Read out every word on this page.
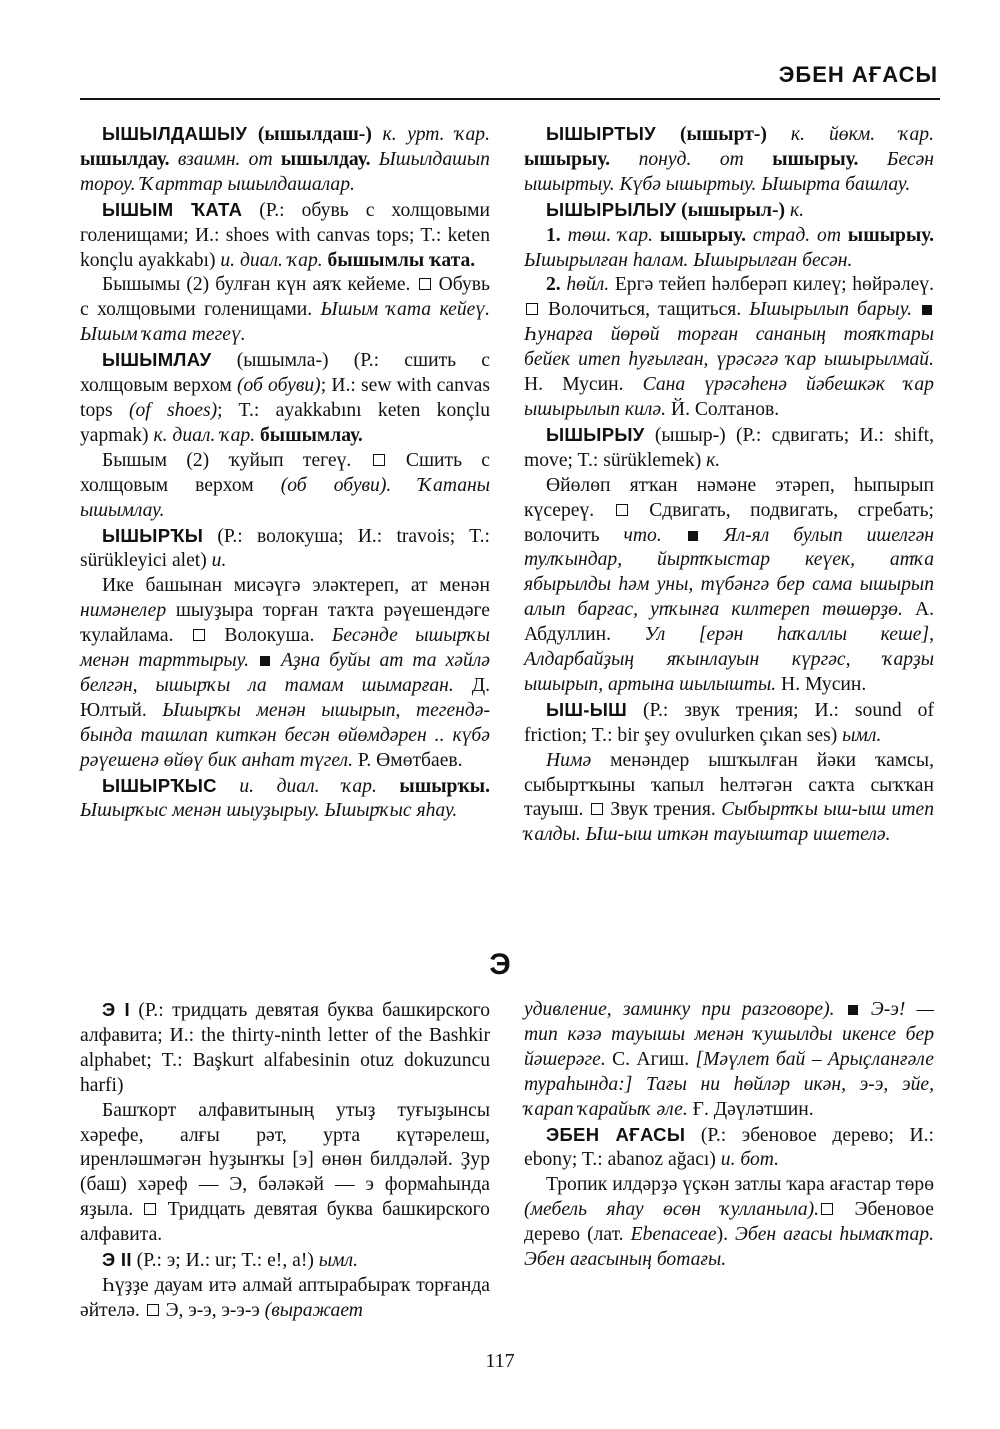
ЭБЕН АҒАСЫ

ЫШЫЛДАШЫУ (ышылдаш-) к. урт. ҡар. ышылдау. взаимн. от ышылдау. Ышылдашып тороу. Ҡарттар ышылдашалар.

ЫШЫМ ҠАТА (Р.: обувь с холщовыми голенищами; И.: shoes with canvas tops; T.: keten konçlu ayakkabı) и. диал. ҡар. бышымлы ҡата.

Бышымы (2) булған күн аяҡ кейеме.  Обувь с холщовыми голенищами. Ышым ҡата кейеү. Ышым ҡата тегеү.

ЫШЫМЛАУ (ышымла-) (Р.: сшить с холщовым верхом (об обуви); И.: sew with canvas tops (of shoes); T.: ayakkabını keten konçlu yapmak) к. диал. ҡар. бышымлау.

Бышым (2) ҡуйып тегеү.  Сшить с холщовым верхом (об обуви). Ҡатаны ышымлау.

ЫШЫРҠЫ (Р.: волокуша; И.: travois; T.: sürükleyici alet) и.

Ике башынан мисәүгә эләктереп, ат менән нимәнелер шыуҙыра торған таҡта рәүешендәге ҡулайлама.  Волокуша. Бесәнде ышырҡы менән тарттырыу.  Аҙна буйы ат та хәйлә белгән, ышырҡы ла тамам шымарған. Д. Юлтый. Ышырҡы менән ышырып, тегендә-бында ташлап киткән бесән өйөмдәрен .. күбә рәүешенә өйөү бик анһат түгел. Р. Өмөтбаев.

ЫШЫРҠЫС и. диал. ҡар. ышырҡы. Ышырҡыс менән шыуҙырыу. Ышырҡыс яһау.

ЫШЫРТЫУ (ышырт-) к. йөкм. ҡар. ышырыу. понуд. от ышырыу. Бесән ышыртыу. Күбә ышыртыу. Ышырта башлау.

ЫШЫРЫЛЫУ (ышырыл-) к.

1. төш. ҡар. ышырыу. страд. от ышырыу. Ышырылған һалам. Ышырылған бесән.

2. һөйл. Ергә тейеп һәлберәп килеү; һөйрәлеү.  Волочиться, тащиться. Ышырылып барыу.  Һунарға йөрөй торған сананың тояҡтары бейек итеп һуғылған, үрәсәгә ҡар ышырылмай. Н. Мусин. Сана үрәсәһенә йәбешкәк ҡар ышырылып килә. Й. Солтанов.

ЫШЫРЫУ (ышыр-) (Р.: сдвигать; И.: shift, move; T.: sürüklemek) к.

Өйөлөп ятҡан нәмәне этәреп, һыпырып күсереү.  Сдвигать, подвигать, сгребать; волочить что.  Ял-ял булып ишелгән тулҡындар, йыртҡыстар кеүек, атҡа ябырылды һәм уны, түбәнгә бер сама ышырып алып барғас, упҡынға килтереп төшөрҙө. А. Абдуллин. Ул [ерән һаҡаллы кеше], Алдарбайҙың яҡынлауын күргәс, ҡарҙы ышырып, артына шылышты. Н. Мусин.

ЫШ-ЫШ (Р.: звук трения; И.: sound of friction; T.: bir şey ovulurken çıkan ses) ымл.

Нимә менәндер ышҡылған йәки ҡамсы, сыбыртҡыны ҡапыл һелтәгән саҡта сыҡҡан тауыш.  Звук трения. Сыбыртҡы ыш-ыш итеп ҡалды. Ыш-ыш иткән тауыштар ишетелә.

Э

Э I (Р.: тридцать девятая буква башкирского алфавита; И.: the thirty-ninth letter of the Bashkir alphabet; T.: Başkurt alfabesinin otuz dokuzuncu harfi)

Башҡорт алфавитының утыҙ туғыҙынсы хәрефе, алғы рәт, урта күтәрелеш, иренләшмәгән һуҙынҡы [э] өнөн билдәләй. Ҙур (баш) хәреф — Э, бәләкәй — э формаһында яҙыла.  Тридцать девятая буква башкирского алфавита.

Э II (Р.: э; И.: ur; T.: e!, a!) ымл.

Һүҙҙе дауам итә алмай аптырабыраҡ торғанда әйтелә.  Э, э-э, э-э-э (выражает

удивление, заминку при разговоре).  Э-э! — тип кәзә тауышы менән ҡушылды икенсе бер йәшерәге. С. Агиш. [Мәүлет бай – Арыҫланғәле тураһында:] Тағы ни һөйләр икән, э-э, эйе, ҡарап ҡарайыҡ әле. Ғ. Дәүләтшин.

ЭБЕН АҒАСЫ (Р.: эбеновое дерево; И.: ebony; T.: abanoz ağacı) и. бот.

Тропик илдәрҙә үҫкән затлы ҡара ағастар төрө (мебель яһау өсөн ҡулланыла). Эбеновое дерево (лат. Ebenaceae). Эбен ағасы һымаҡтар. Эбен ағасының ботағы.

117
